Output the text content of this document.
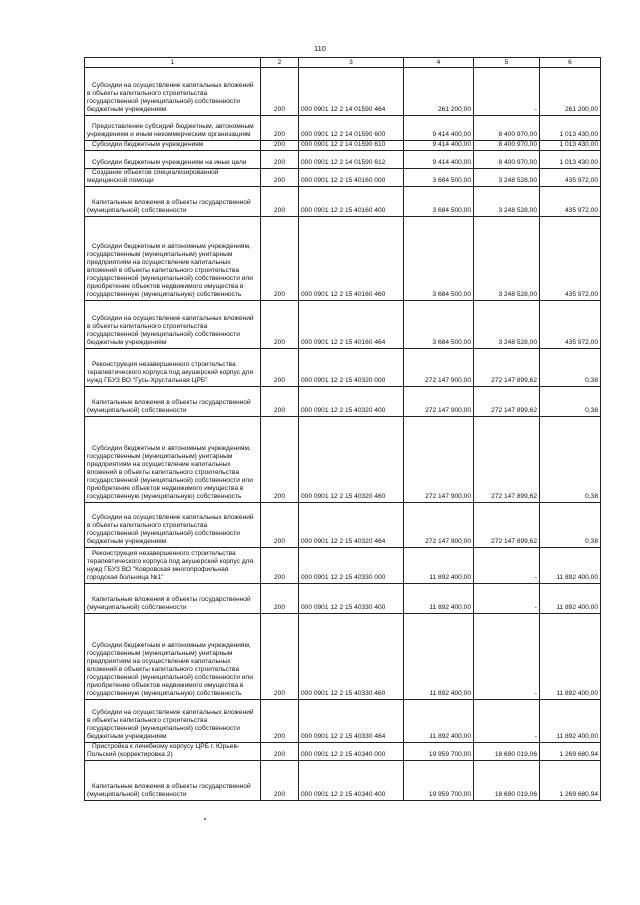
110
1	2	3	4	5	6
Субсидии на осуществление капитальных вложений в объекты капитального строительства государственной (муниципальной) собственности бюджетным учреждениям	200	000 0901 12 2 14 01590 464	261 200,00	-	261 200,00
Предоставление субсидий бюджетным, автономным учреждениям и иным некоммерческим организациям	200	000 0901 12 2 14 01590 600	9 414 400,00	8 400 970,00	1 013 430,00
Субсидии бюджетным учреждениям	200	000 0901 12 2 14 01590 610	9 414 400,00	8 400 970,00	1 013 430,00
Субсидии бюджетным учреждениям на иные цели	200	000 0901 12 2 14 01590 612	9 414 400,00	8 400 970,00	1 013 430,00
Создание объектов специализированной медицинской помощи	200	000 0901 12 2 15 40160 000	3 684 500,00	3 248 528,00	435 972,00
Капитальные вложения в объекты государственной (муниципальной) собственности	200	000 0901 12 2 15 40160 400	3 684 500,00	3 248 528,00	435 972,00
Субсидии бюджетным и автономным учреждениям, государственным (муниципальным) унитарным предприятиям на осуществление капитальных вложений в объекты капитального строительства государственной (муниципальной) собственности или приобретение объектов недвижимого имущества в государственную (муниципальную) собственность	200	000 0901 12 2 15 40160 460	3 684 500,00	3 248 528,00	435 972,00
Субсидии на осуществление капитальных вложений в объекты капитального строительства государственной (муниципальной) собственности бюджетным учреждениям	200	000 0901 12 2 15 40160 464	3 684 500,00	3 248 528,00	435 972,00
Реконструкция незавершенного строительства терапевтического корпуса под акушерский корпус для нужд ГБУЗ ВО "Гусь-Хрустальная ЦРБ"	200	000 0901 12 2 15 40320 000	272 147 900,00	272 147 899,62	0,38
Капитальные вложения в объекты государственной (муниципальной) собственности	200	000 0901 12 2 15 40320 400	272 147 900,00	272 147 899,62	0,38
Субсидии бюджетным и автономным учреждениям, государственным (муниципальным) унитарным предприятиям на осуществление капитальных вложений в объекты капитального строительства государственной (муниципальной) собственности или приобретение объектов недвижимого имущества в государственную (муниципальную) собственность	200	000 0901 12 2 15 40320 460	272 147 900,00	272 147 899,62	0,38
Субсидии на осуществление капитальных вложений в объекты капитального строительства государственной (муниципальной) собственности бюджетным учреждениям	200	000 0901 12 2 15 40320 464	272 147 900,00	272 147 899,62	0,38
Реконструкция незавершенного строительства терапевтического корпуса под акушерский корпус для нужд ГБУЗ ВО "Ковровская многопрофильная городская больница №1"	200	000 0901 12 2 15 40330 000	11 892 400,00	-	11 892 400,00
Капитальные вложения в объекты государственной (муниципальной) собственности	200	000 0901 12 2 15 40330 400	11 892 400,00	-	11 892 400,00
Субсидии бюджетным и автономным учреждениям, государственным (муниципальным) унитарным предприятиям на осуществление капитальных вложений в объекты капитального строительства государственной (муниципальной) собственности или приобретение объектов недвижимого имущества в государственную (муниципальную) собственность	200	000 0901 12 2 15 40330 460	11 892 400,00	-	11 892 400,00
Субсидии на осуществление капитальных вложений в объекты капитального строительства государственной (муниципальной) собственности бюджетным учреждениям	200	000 0901 12 2 15 40330 464	11 892 400,00	-	11 892 400,00
Пристройка к лечебному корпусу ЦРБ г. Юрьев-Польский (корректировка 2)	200	000 0901 12 2 15 40340 000	19 959 700,00	18 690 019,06	1 269 680,94
Капитальные вложения в объекты государственной (муниципальной) собственности	200	000 0901 12 2 15 40340 400	19 959 700,00	18 690 019,06	1 269 680,94
